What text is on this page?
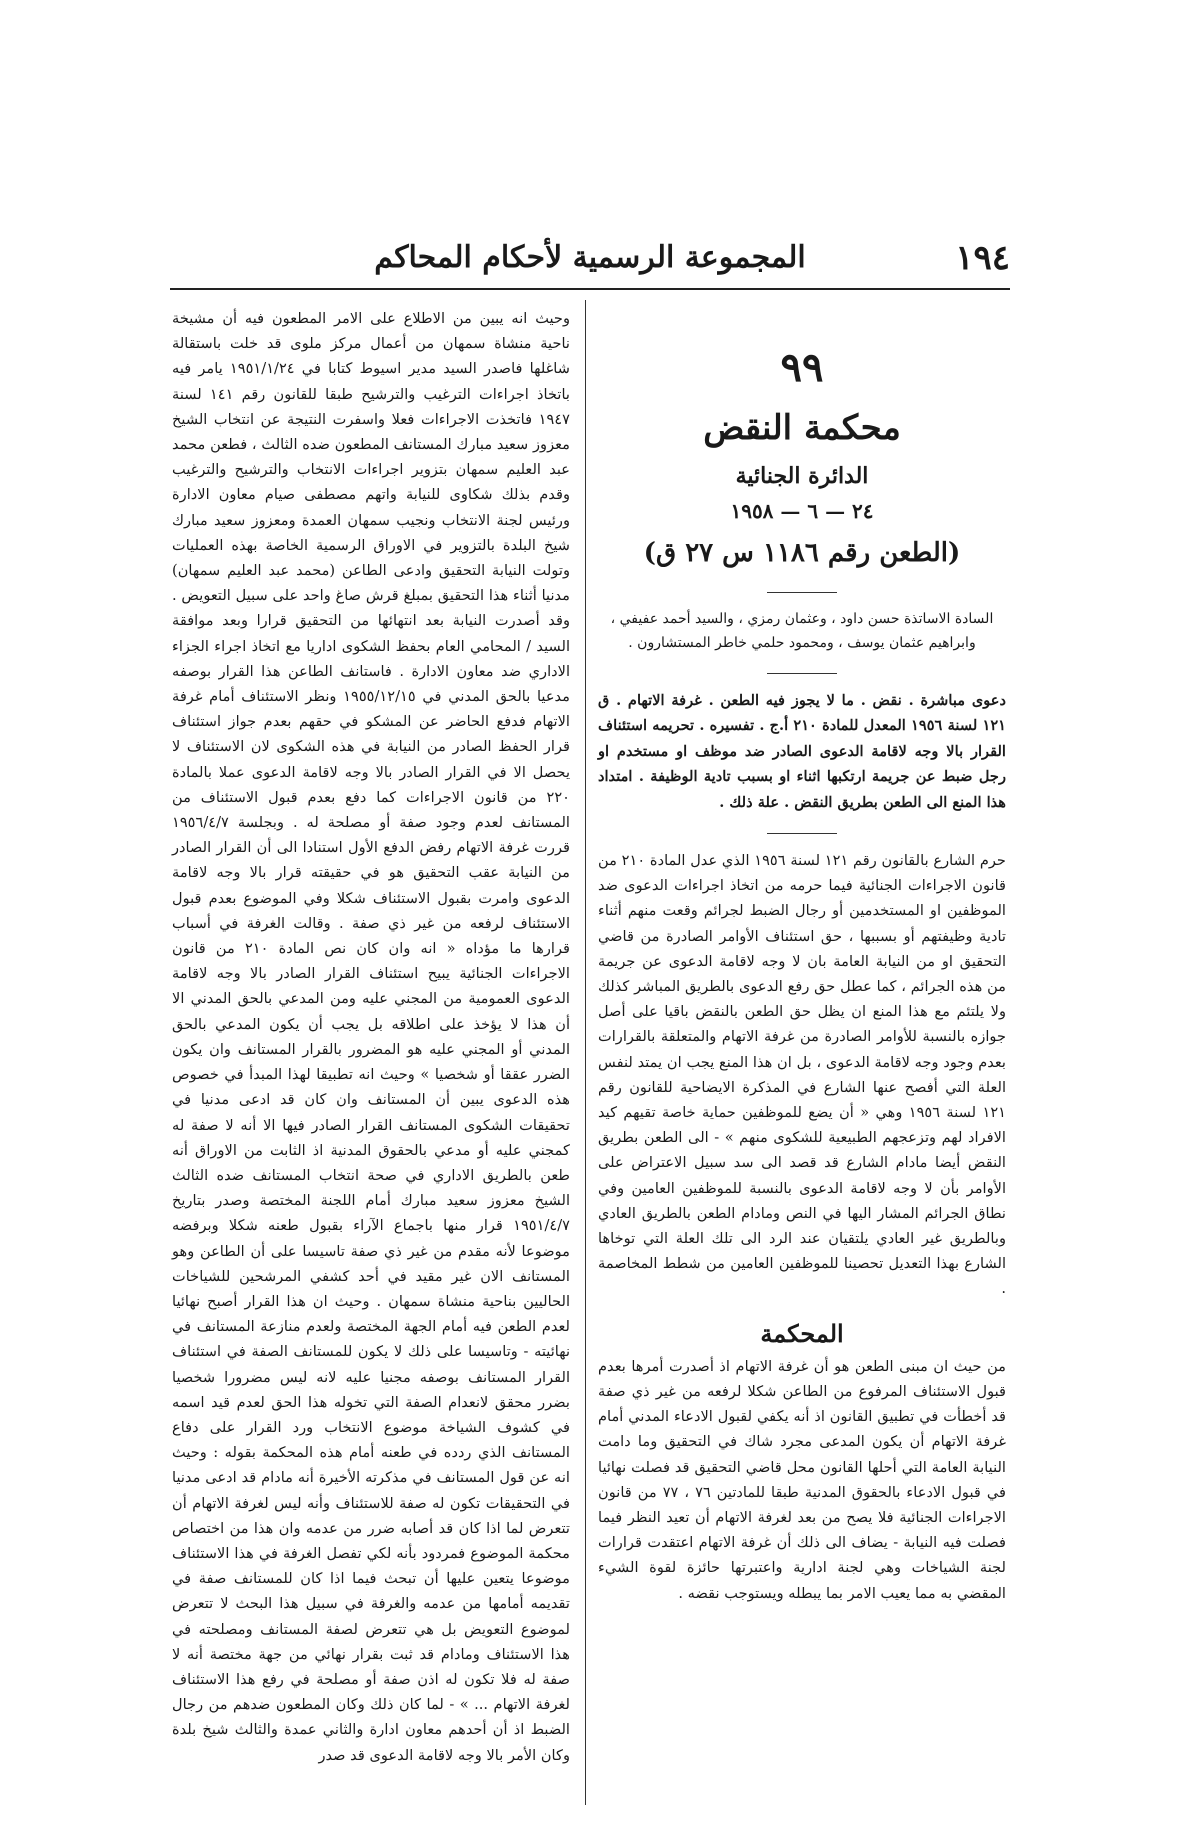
١٩٤
المجموعة الرسمية لأحكام المحاكم
٩٩
محكمة النقض
الدائرة الجنائية
٢٤ — ٦ — ١٩٥٨
(الطعن رقم ١١٨٦ س ٢٧ ق)

السادة الاساتذة حسن داود ، وعثمان رمزي ، والسيد أحمد عفيفي ، وابراهيم عثمان يوسف ، ومحمود حلمي خاطر المستشارون .

دعوى مباشرة . نقض . ما لا يجوز فيه الطعن . غرفة الاتهام . ق ١٢١ لسنة ١٩٥٦ المعدل للمادة ٢١٠ أ.ج . تفسيره . تحريمه استئناف القرار بالا وجه لاقامة الدعوى الصادر ضد موظف او مستخدم او رجل ضبط عن جريمة ارتكبها اثناء او بسبب تادية الوظيفة . امتداد هذا المنع الى الطعن بطريق النقض . علة ذلك .

حرم الشارع بالقانون رقم ١٢١ لسنة ١٩٥٦ الذي عدل المادة ٢١٠ من قانون الاجراءات الجنائية فيما حرمه من اتخاذ اجراءات الدعوى ضد الموظفين او المستخدمين أو رجال الضبط لجرائم وقعت منهم أثناء تادية وظيفتهم أو بسببها ، حق استئناف الأوامر الصادرة من قاضي التحقيق او من النيابة العامة بان لا وجه لاقامة الدعوى عن جريمة من هذه الجرائم ، كما عطل حق رفع الدعوى بالطريق المباشر كذلك ولا يلتئم مع هذا المنع ان يظل حق الطعن بالنقض باقيا على أصل جوازه بالنسبة للأوامر الصادرة من غرفة الاتهام والمتعلقة بالقرارات بعدم وجود وجه لاقامة الدعوى ، بل ان هذا المنع يجب ان يمتد لنفس العلة التي أفصح عنها الشارع في المذكرة الايضاحية للقانون رقم ١٢١ لسنة ١٩٥٦ وهي « أن يضع للموظفين حماية خاصة تقيهم كيد الافراد لهم وتزعجهم الطبيعية للشكوى منهم » - الى الطعن بطريق النقض أيضا مادام الشارع قد قصد الى سد سبيل الاعتراض على الأوامر بأن لا وجه لاقامة الدعوى بالنسبة للموظفين العامين وفي نطاق الجرائم المشار اليها في النص ومادام الطعن بالطريق العادي وبالطريق غير العادي يلتقيان عند الرد الى تلك العلة التي توخاها الشارع بهذا التعديل تحصينا للموظفين العامين من شطط المخاصمة .

المحكمة

من حيث ان مبنى الطعن هو أن غرفة الاتهام اذ أصدرت أمرها بعدم قبول الاستئناف المرفوع من الطاعن شكلا لرفعه من غير ذي صفة قد أخطأت في تطبيق القانون اذ أنه يكفي لقبول الادعاء المدني أمام غرفة الاتهام أن يكون المدعى مجرد شاك في التحقيق وما دامت النيابة العامة التي أحلها القانون محل قاضي التحقيق قد فصلت نهائيا في قبول الادعاء بالحقوق المدنية طبقا للمادتين ٧٦ ، ٧٧ من قانون الاجراءات الجنائية فلا يصح من بعد لغرفة الاتهام أن تعيد النظر فيما فصلت فيه النيابة - يضاف الى ذلك أن غرفة الاتهام اعتقدت قرارات لجنة الشياخات وهي لجنة ادارية واعتبرتها حائزة لقوة الشيء المقضي به مما يعيب الامر بما يبطله ويستوجب نقضه .

وحيث انه يبين من الاطلاع على الامر المطعون فيه أن مشيخة ناحية منشاة سمهان من أعمال مركز ملوى قد خلت باستقالة شاغلها فاصدر السيد مدير اسيوط كتابا في ١٩٥١/١/٢٤ يامر فيه باتخاذ اجراءات الترغيب والترشيح طبقا للقانون رقم ١٤١ لسنة ١٩٤٧ فاتخذت الاجراءات فعلا واسفرت النتيجة عن انتخاب الشيخ معزوز سعيد مبارك المستانف المطعون ضده الثالث ، فطعن محمد عبد العليم سمهان بتزوير اجراءات الانتخاب والترشيح والترغيب وقدم بذلك شكاوى للنيابة واتهم مصطفى صيام معاون الادارة ورئيس لجنة الانتخاب ونجيب سمهان العمدة ومعزوز سعيد مبارك شيخ البلدة بالتزوير في الاوراق الرسمية الخاصة بهذه العمليات وتولت النيابة التحقيق وادعى الطاعن (محمد عبد العليم سمهان) مدنيا أثناء هذا التحقيق بمبلغ قرش صاغ واحد على سبيل التعويض . وقد أصدرت النيابة بعد انتهائها من التحقيق قرارا وبعد موافقة السيد / المحامي العام بحفظ الشكوى اداريا مع اتخاذ اجراء الجزاء الاداري ضد معاون الادارة . فاستانف الطاعن هذا القرار بوصفه مدعيا بالحق المدني في ١٩٥٥/١٢/١٥ ونظر الاستئناف أمام غرفة الاتهام فدفع الحاضر عن المشكو في حقهم بعدم جواز استئناف قرار الحفظ الصادر من النيابة في هذه الشكوى لان الاستئناف لا يحصل الا في القرار الصادر بالا وجه لاقامة الدعوى عملا بالمادة ٢٢٠ من قانون الاجراءات كما دفع بعدم قبول الاستئناف من المستانف لعدم وجود صفة أو مصلحة له . وبجلسة ١٩٥٦/٤/٧ قررت غرفة الاتهام رفض الدفع الأول استنادا الى أن القرار الصادر من النيابة عقب التحقيق هو في حقيقته قرار بالا وجه لاقامة الدعوى وامرت بقبول الاستئناف شكلا وفي الموضوع بعدم قبول الاستئناف لرفعه من غير ذي صفة . وقالت الغرفة في أسباب قرارها ما مؤداه « انه وان كان نص المادة ٢١٠ من قانون الاجراءات الجنائية يبيح استئناف القرار الصادر بالا وجه لاقامة الدعوى العمومية من المجني عليه ومن المدعي بالحق المدني الا أن هذا لا يؤخذ على اطلاقه بل يجب أن يكون المدعي بالحق المدني أو المجني عليه هو المضرور بالقرار المستانف وان يكون الضرر عققا أو شخصيا » وحيث انه تطبيقا لهذا المبدأ في خصوص هذه الدعوى يبين أن المستانف وان كان قد ادعى مدنيا في تحقيقات الشكوى المستانف القرار الصادر فيها الا أنه لا صفة له كمجني عليه أو مدعي بالحقوق المدنية اذ الثابت من الاوراق أنه طعن بالطريق الاداري في صحة انتخاب المستانف ضده الثالث الشيخ معزوز سعيد مبارك أمام اللجنة المختصة وصدر بتاريخ ١٩٥١/٤/٧ قرار منها باجماع الآراء بقبول طعنه شكلا وبرفضه موضوعا لأنه مقدم من غير ذي صفة تاسيسا على أن الطاعن وهو المستانف الان غير مقيد في أحد كشفي المرشحين للشياخات الحاليين بناحية منشاة سمهان . وحيث ان هذا القرار أصبح نهائيا لعدم الطعن فيه أمام الجهة المختصة ولعدم منازعة المستانف في نهائيته - وتاسيسا على ذلك لا يكون للمستانف الصفة في استئناف القرار المستانف بوصفه مجنيا عليه لانه ليس مضرورا شخصيا بضرر محقق لانعدام الصفة التي تخوله هذا الحق لعدم قيد اسمه في كشوف الشياخة موضوع الانتخاب ورد القرار على دفاع المستانف الذي ردده في طعنه أمام هذه المحكمة بقوله : وحيث انه عن قول المستانف في مذكرته الأخيرة أنه مادام قد ادعى مدنيا في التحقيقات تكون له صفة للاستئناف وأنه ليس لغرفة الاتهام أن تتعرض لما اذا كان قد أصابه ضرر من عدمه وان هذا من اختصاص محكمة الموضوع فمردود بأنه لكي تفصل الغرفة في هذا الاستئناف موضوعا يتعين عليها أن تبحث فيما اذا كان للمستانف صفة في تقديمه أمامها من عدمه والغرفة في سبيل هذا البحث لا تتعرض لموضوع التعويض بل هي تتعرض لصفة المستانف ومصلحته في هذا الاستئناف ومادام قد ثبت بقرار نهائي من جهة مختصة أنه لا صفة له فلا تكون له اذن صفة أو مصلحة في رفع هذا الاستئناف لغرفة الاتهام ... » - لما كان ذلك وكان المطعون ضدهم من رجال الضبط اذ أن أحدهم معاون ادارة والثاني عمدة والثالث شيخ بلدة وكان الأمر بالا وجه لاقامة الدعوى قد صدر
